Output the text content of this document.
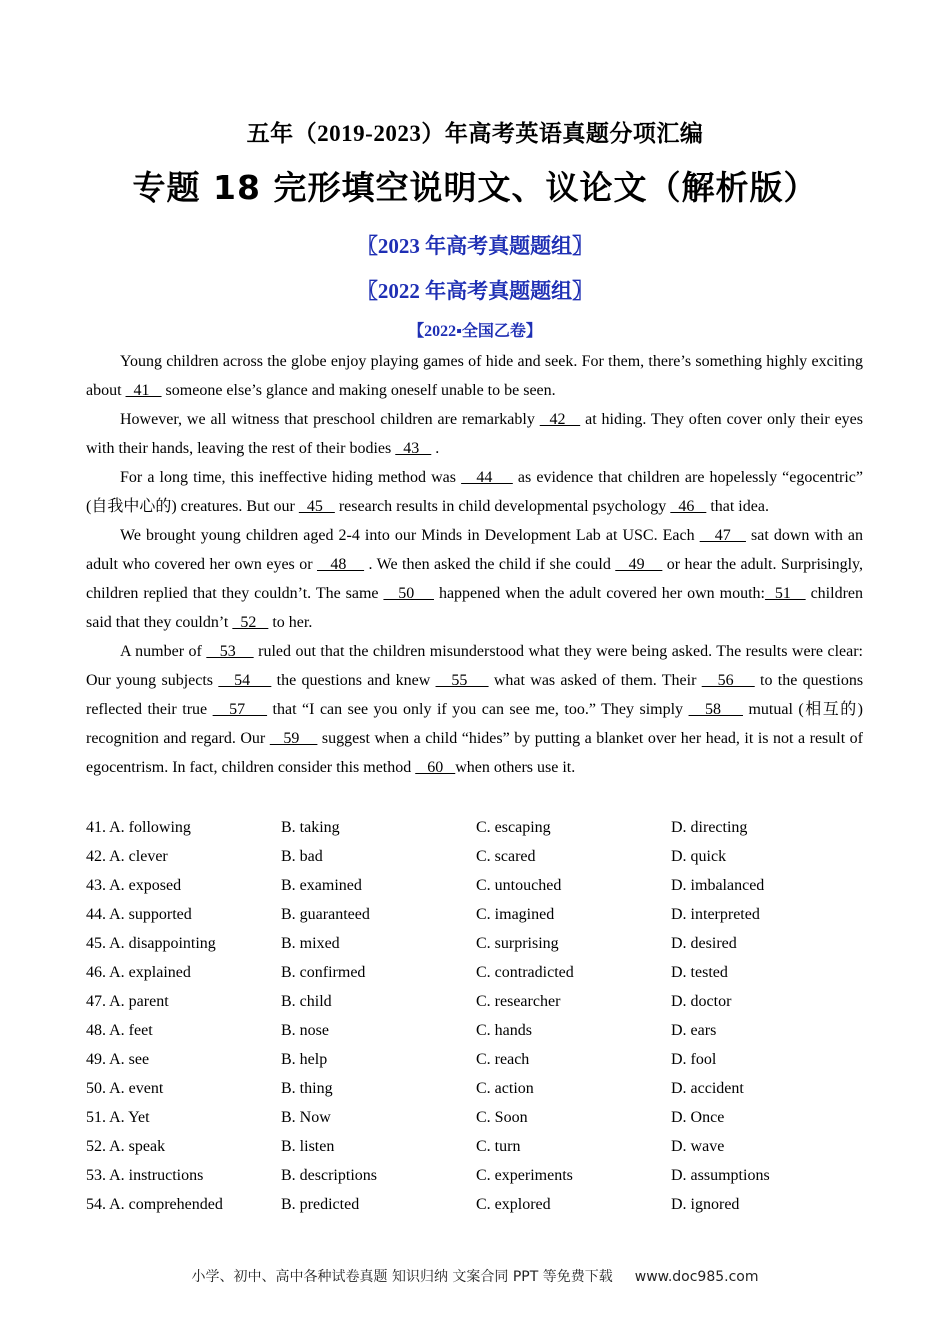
五年（2019-2023）年高考英语真题分项汇编
专题 18 完形填空说明文、议论文（解析版）
〖2023 年高考真题题组〗
〖2022 年高考真题题组〗
【2022▪全国乙卷】

Young children across the globe enjoy playing games of hide and seek. For them, there’s something highly exciting about   41    someone else’s glance and making oneself unable to be seen.

However, we all witness that preschool children are remarkably   42    at hiding. They often cover only their eyes with their hands, leaving the rest of their bodies   43    .

For a long time, this ineffective hiding method was    44     as evidence that children are hopelessly “egocentric” (自我中心的) creatures. But our   45    research results in child developmental psychology   46    that idea.

We brought young children aged 2-4 into our Minds in Development Lab at USC. Each    47    sat down with an adult who covered her own eyes or    48     . We then asked the child if she could    49     or hear the adult. Surprisingly, children replied that they couldn’t. The same    50     happened when the adult covered her own mouth:  51    children said that they couldn’t   52    to her.

A number of    53     ruled out that the children misunderstood what they were being asked. The results were clear: Our young subjects    54     the questions and knew    55     what was asked of them. Their    56     to the questions reflected their true    57     that “I can see you only if you can see me, too.” They simply    58     mutual (相互的) recognition and regard. Our    59     suggest when a child “hides” by putting a blanket over her head, it is not a result of egocentrism. In fact, children consider this method    60   when others use it.

41. A. following	B. taking	C. escaping	D. directing
42. A. clever	B. bad	C. scared	D. quick
43. A. exposed	B. examined	C. untouched	D. imbalanced
44. A. supported	B. guaranteed	C. imagined	D. interpreted
45. A. disappointing	B. mixed	C. surprising	D. desired
46. A. explained	B. confirmed	C. contradicted	D. tested
47. A. parent	B. child	C. researcher	D. doctor
48. A. feet	B. nose	C. hands	D. ears
49. A. see	B. help	C. reach	D. fool
50. A. event	B. thing	C. action	D. accident
51. A. Yet	B. Now	C. Soon	D. Once
52. A. speak	B. listen	C. turn	D. wave
53. A. instructions	B. descriptions	C. experiments	D. assumptions
54. A. comprehended	B. predicted	C. explored	D. ignored
小学、初中、高中各种试卷真题 知识归纳 文案合同 PPT 等免费下载 www.doc985.com
